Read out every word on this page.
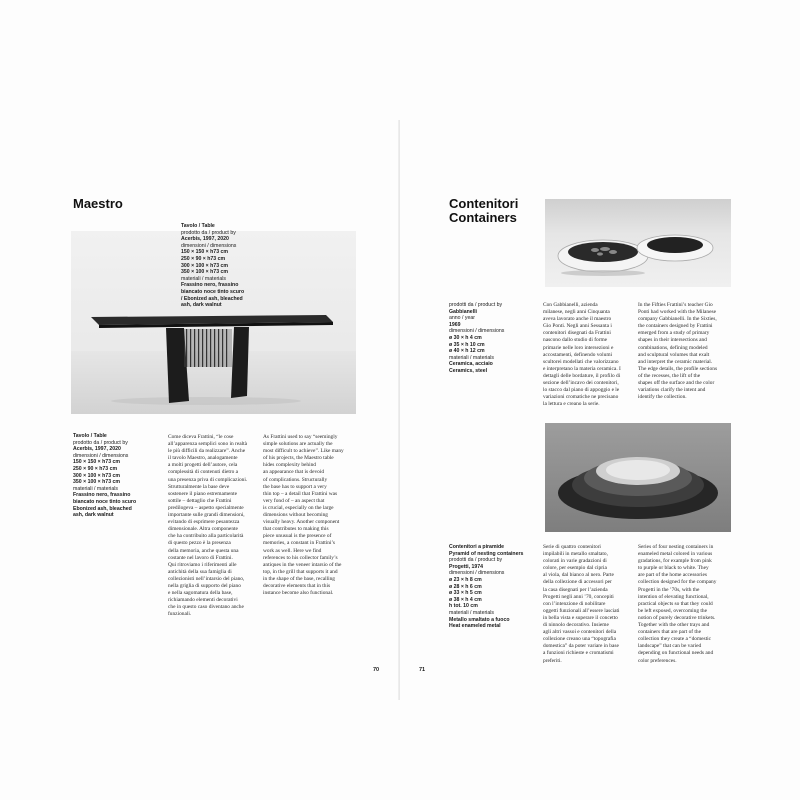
Maestro
Tavolo / Table
prodotto da / product by
Acerbis, 1997, 2020
dimensioni / dimensions
150 × 150 × h73 cm
250 × 90 × h73 cm
300 × 100 × h73 cm
350 × 100 × h73 cm
materiali / materials
Frassino nero, frassino
biancato noce tinto scuro
/ Ebonized ash, bleached
ash, dark walnut
Tavolo / Table
prodotto da / product by
Acerbis, 1997, 2020
dimensioni / dimensions
150 × 150 × h73 cm
250 × 90 × h73 cm
300 × 100 × h73 cm
350 × 100 × h73 cm
materiali / materials
Frassino nero, frassino
biancato noce tinto scuro
Ebonized ash, bleached
ash, dark walnut
Come diceva Frattini, “le cose
all’apparenza semplici sono in realtà
le più difficili da realizzare”. Anche
il tavolo Maestro, analogamente
a molti progetti dell’autore, cela
complessità di contenuti dietro a
una presenza priva di complicazioni.
Strutturalmente la base deve
sostenere il piano estremamente
sottile – dettaglio che Frattini
predilogeva – aspetto specialmente
importante sulle grandi dimensioni,
evitando di esprimere pesantezza
dimensionale. Altra componente
che ha contribuito alla particolarità
di questo pezzo è la presenza
della memoria, anche questa una
costante nel lavoro di Frattini.
Qui ritroviamo i riferimenti alle
antichità della sua famiglia di
collezionisti nell’intarsio del piano,
nella griglia di supporto del piano
e nella sagomatura della base,
richiamando elementi decorativi
che in questo caso diventano anche
funzionali.
As Frattini used to say “seemingly
simple solutions are actually the
most difficult to achieve”. Like many
of his projects, the Maestro table
hides complexity behind
an appearance that is devoid
of complications. Structurally
the base has to support a very
thin top – a detail that Frattini was
very fond of – an aspect that
is crucial, especially on the large
dimensions without becoming
visually heavy. Another component
that contributes to making this
piece unusual is the presence of
memories, a constant in Frattini’s
work as well. Here we find
references to his collector family’s
antiques in the veneer intarsio of the
top, in the grill that supports it and
in the shape of the base, recalling
decorative elements that in this
instance become also functional.
70
Contenitori
Containers
prodotti da / product by
Gabbianelli
anno / year
1969
dimensioni / dimensions
ø 30 × h 4 cm
ø 35 × h 10 cm
ø 40 × h 12 cm
materiali / materials
Ceramica, acciaio
Ceramics, steel
Con Gabbianelli, azienda
milanese, negli anni Cinquanta
aveva lavorato anche il maestro
Gio Ponti. Negli anni Sessanta i
contenitori disegnati da Frattini
nascono dallo studio di forme
primarie nelle loro intersezioni e
accostamenti, definendo volumi
scultorei modellati che valorizzano
e interpretano la materia ceramica. I
dettagli delle bordature, il profilo di
sezione dell’incavo dei contenitori,
lo stacco dal piano di appoggio e le
variazioni cromatiche ne precisano
la lettura e creano la serie.
In the Fifties Frattini’s teacher Gio
Ponti had worked with the Milanese
company Gabbianelli. In the Sixties,
the containers designed by Frattini
emerged from a study of primary
shapes in their intersections and
combinations, defining modeled
and sculptural volumes that exalt
and interpret the ceramic material.
The edge details, the profile sections
of the recesses, the lift of the
shapes off the surface and the color
variations clarify the intent and
identify the collection.
Contenitori a piramide
Pyramid of nesting containers
prodotti da / product by
Progetti, 1974
dimensioni / dimensions
ø 23 × h 8 cm
ø 28 × h 6 cm
ø 33 × h 5 cm
ø 38 × h 4 cm
h tot. 10 cm
materiali / materials
Metallo smaltato a fuoco
Heat enameled metal
Serie di quattro contenitori
impilabili in metallo smaltato,
colorati in varie gradazioni di
colore, per esempio dal cipria
al viola, dal bianco al nero. Parte
della collezione di accessori per
la casa disegnati per l’azienda
Progetti negli anni ’70, concepiti
con l’intenzione di nobilitare
oggetti funzionali all’essere lasciati
in bella vista e superare il concetto
di ninnolo decorativo. Insieme
agli altri vassoi e contenitori della
collezione creano una “topografia
domestica” da poter variare in base
a funzioni richieste e cromatismi
preferiti.
Series of four nesting containers in
enameled metal colored in various
gradations, for example from pink
to purple or black to white. They
are part of the home accessories
collection designed for the company
Progetti in the ’70s, with the
intention of elevating functional,
practical objects so that they could
be left exposed, overcoming the
notion of purely decorative trinkets.
Together with the other trays and
containers that are part of the
collection they create a “domestic
landscape” that can be varied
depending on functional needs and
color preferences.
71
